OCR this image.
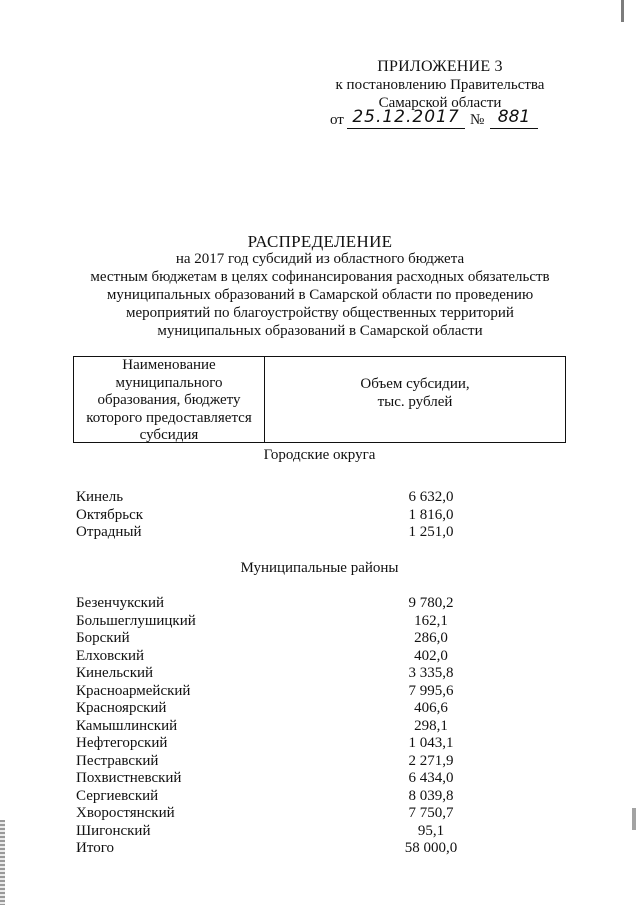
ПРИЛОЖЕНИЕ 3
к постановлению Правительства
Самарской области
от 25.12.2017 № 881
РАСПРЕДЕЛЕНИЕ
на 2017 год субсидий из областного бюджета
местным бюджетам в целях софинансирования расходных обязательств
муниципальных образований в Самарской области по проведению
мероприятий по благоустройству общественных территорий
муниципальных образований в Самарской области
Наименование
муниципального
образования, бюджету
которого предоставляется
субсидия
Объем субсидии,
тыс. рублей
Городские округа
Кинель	6 632,0
Октябрьск	1 816,0
Отрадный	1 251,0
Муниципальные районы
Безенчукский	9 780,2
Большеглушицкий	162,1
Борский	286,0
Елховский	402,0
Кинельский	3 335,8
Красноармейский	7 995,6
Красноярский	406,6
Камышлинский	298,1
Нефтегорский	1 043,1
Пестравский	2 271,9
Похвистневский	6 434,0
Сергиевский	8 039,8
Хворостянский	7 750,7
Шигонский	95,1
Итого	58 000,0
